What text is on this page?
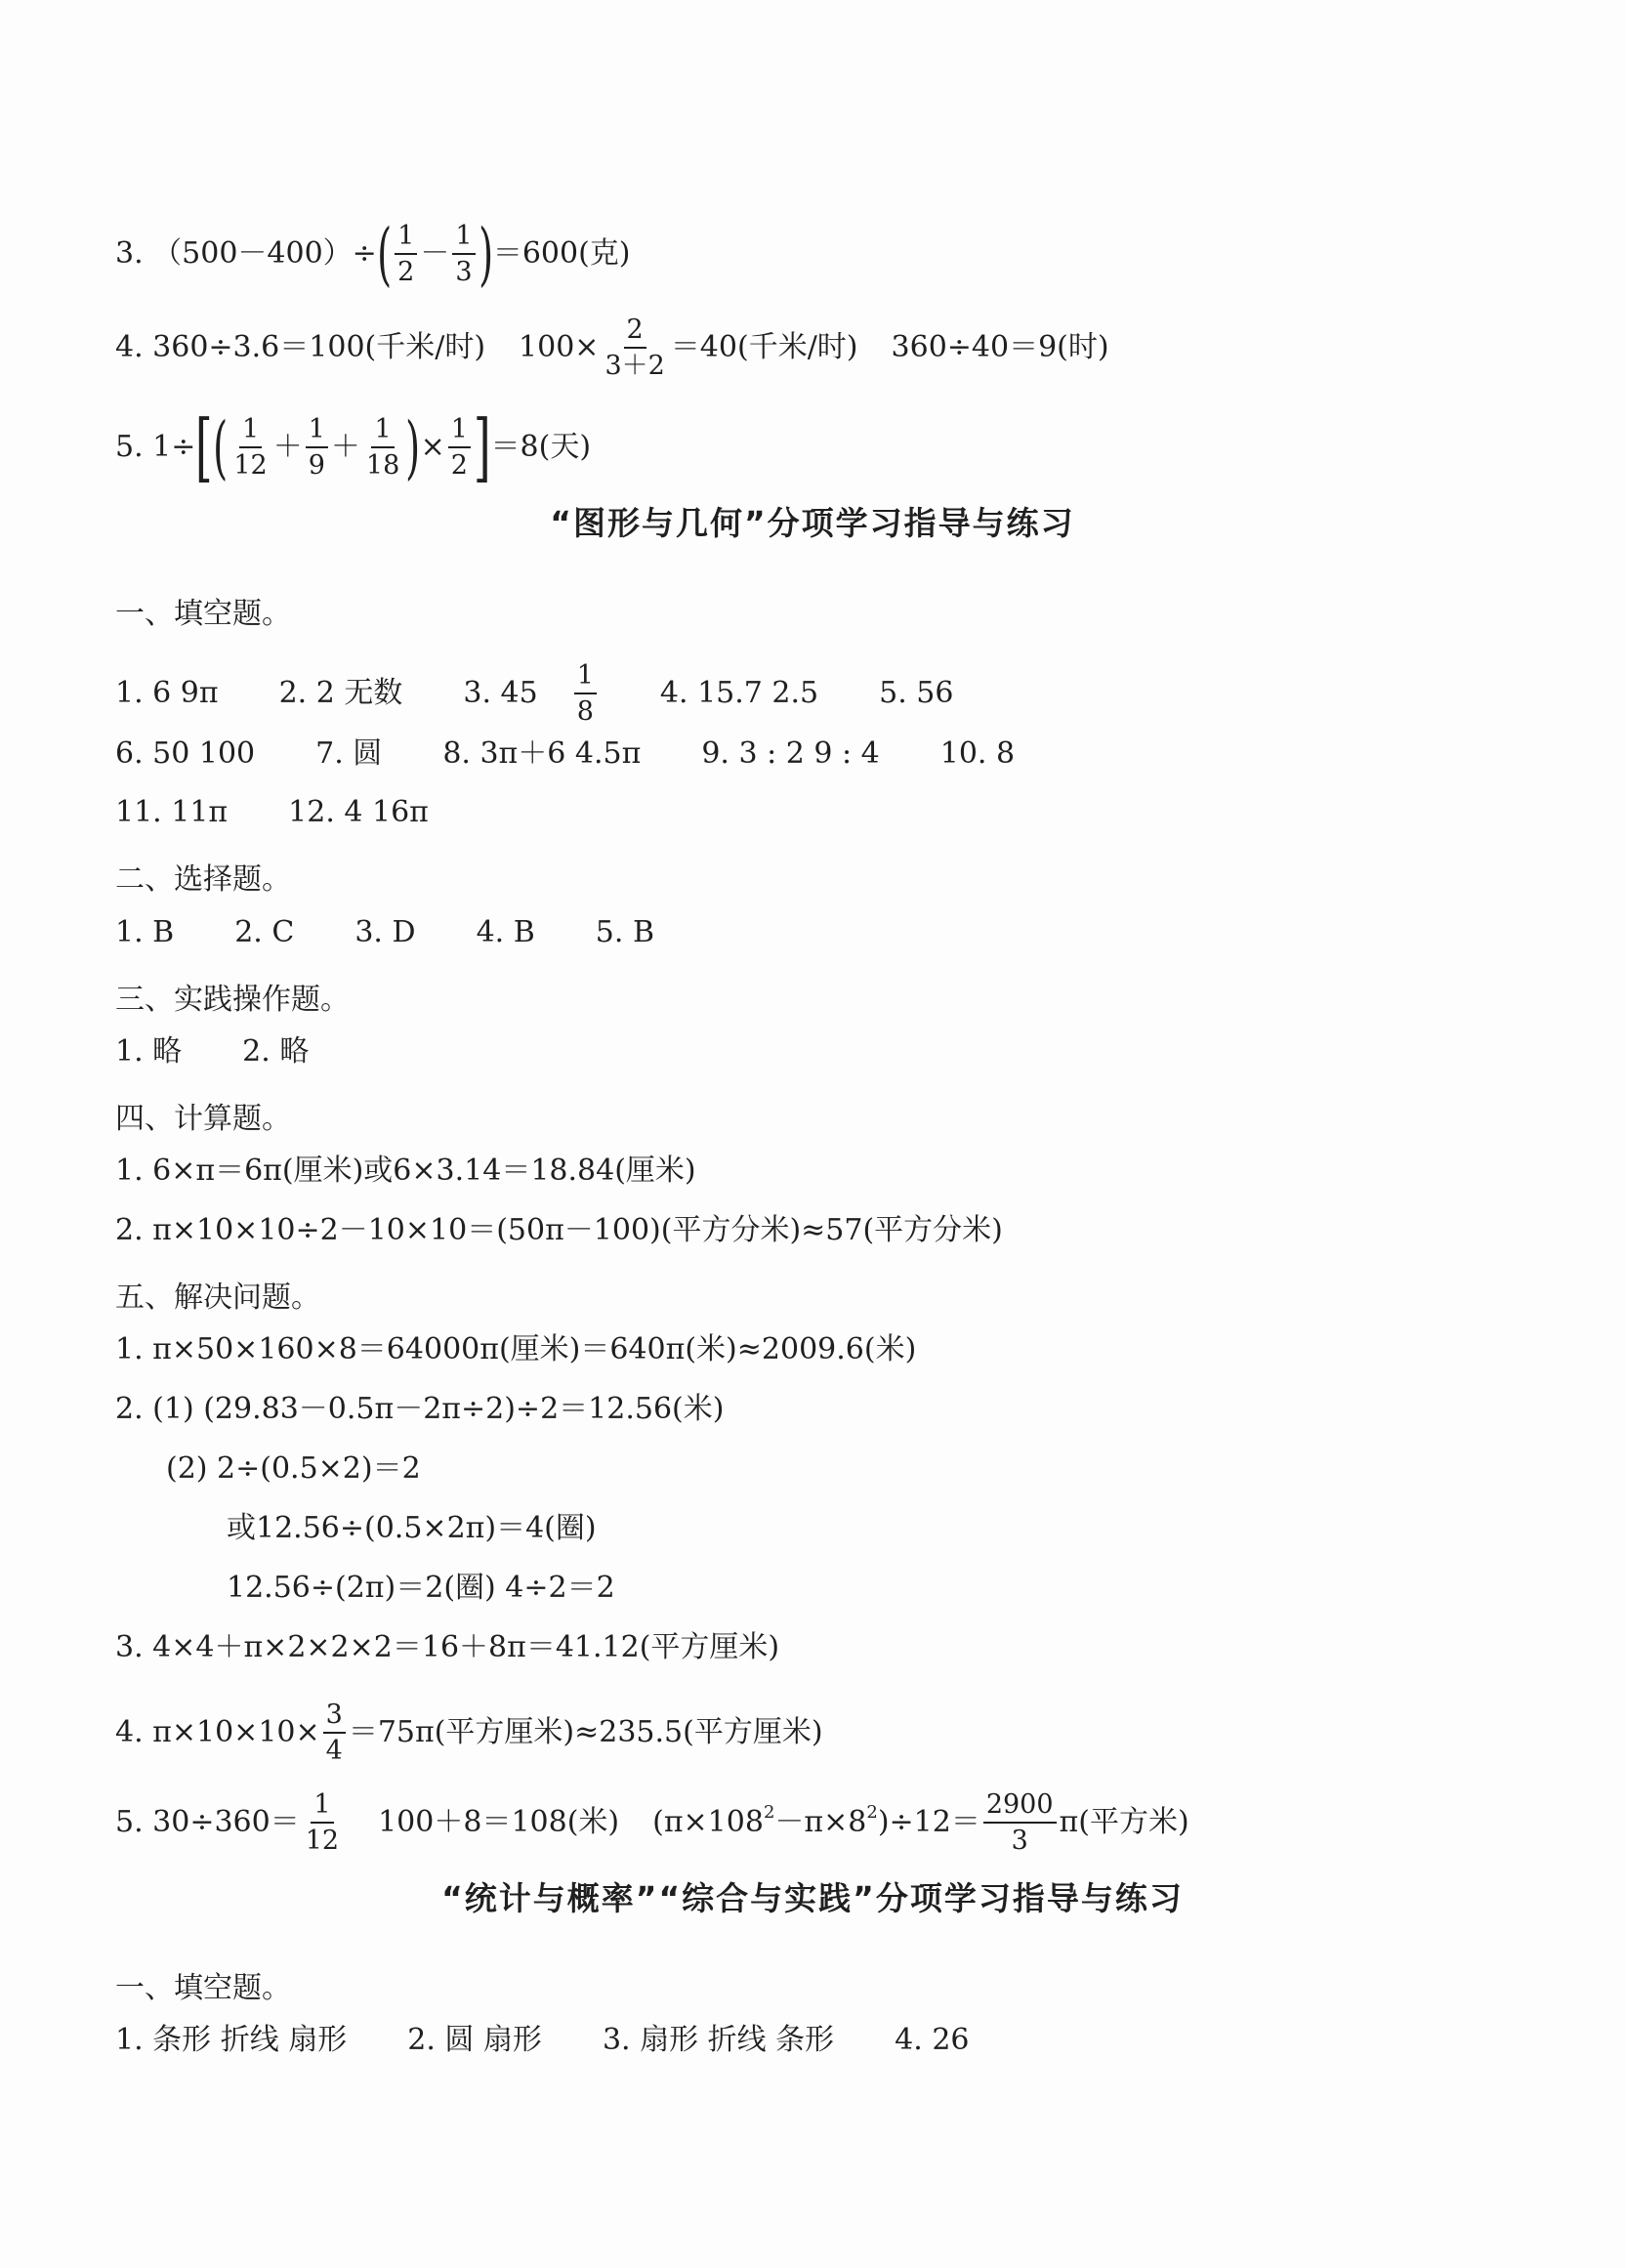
3. （500－400）÷ ( $\frac{1}{2} - \frac{1}{3}$ ) ＝600(克)
4. 360÷3.6＝100(千米/时) $100\times \frac{2}{3+2} =40$(千米/时) 360÷40＝9(时)
5. 1÷ [ ( $\frac{1}{12} + \frac{1}{9} + \frac{1}{18}$ ) × $\frac{1}{2}$ ] ＝8(天)
“图形与几何”分项学习指导与练习
一、填空题。
1. 6 9π 2. 2 无数 3. $45 \frac{1}{8} 4$. 15.7 2.5 5. 56
6. 50 100 7. 圆 8. 3π＋6 4.5π 9. 3 : 2 9 : 4 10. 8
11. 11π 12. 4 16π
二、选择题。
1. B 2. C 3. D 4. B 5. B
三、实践操作题。
1. 略 2. 略
四、计算题。
1. 6×π＝6π(厘米)或6×3.14＝18.84(厘米)
2. π×10×10÷2－10×10＝(50π－100)(平方分米)≈57(平方分米)
五、解决问题。
1. π×50×160×8＝64000π(厘米)＝640π(米)≈2009.6(米)
2. (1) (29.83－0.5π－2π÷2)÷2＝12.56(米)
(2) 2÷(0.5×2)＝2
或12.56÷(0.5×2π)＝4(圈)
12.56÷(2π)＝2(圈) 4÷2＝2
3. 4×4＋π×2×2×2＝16＋8π＝41.12(平方厘米)
4. $\pi\times 10\times 10\times \frac{3}{4} =75\pi$(平方厘米)≈235.5(平方厘米)
5. $30\div 360= \frac{1}{12} 100+8=108$(米) (π×108 2 －π×8 2 )$\div 12= \frac{2900}{3} \pi$(平方米)
“统计与概率”“综合与实践”分项学习指导与练习
一、填空题。
1. 条形 折线 扇形 2. 圆 扇形 3. 扇形 折线 条形 4. 26
